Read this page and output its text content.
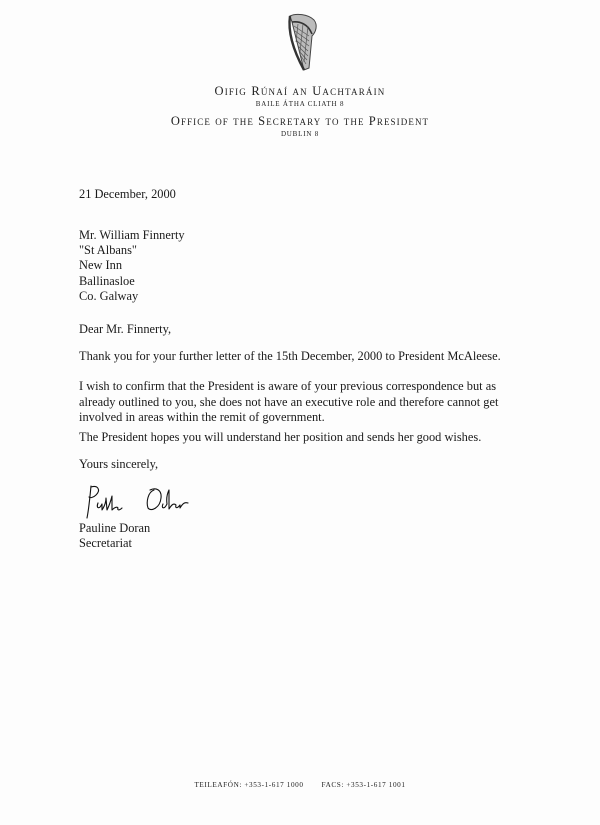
Oifig Rúnaí an Uachtaráin
BAILE ÁTHA CLIATH 8
Office of the Secretary to the President
DUBLIN 8
21 December, 2000
Mr. William Finnerty
"St Albans"
New Inn
Ballinasloe
Co. Galway
Dear Mr. Finnerty,
Thank you for your further letter of the 15th December, 2000 to President McAleese.
I wish to confirm that the President is aware of your previous correspondence but as
already outlined to you, she does not have an executive role and therefore cannot get
involved in areas within the remit of government.
The President hopes you will understand her position and sends her good wishes.
Yours sincerely,
Pauline Doran
Secretariat
TEILEAFÓN: +353-1-617 1000	FACS: +353-1-617 1001
